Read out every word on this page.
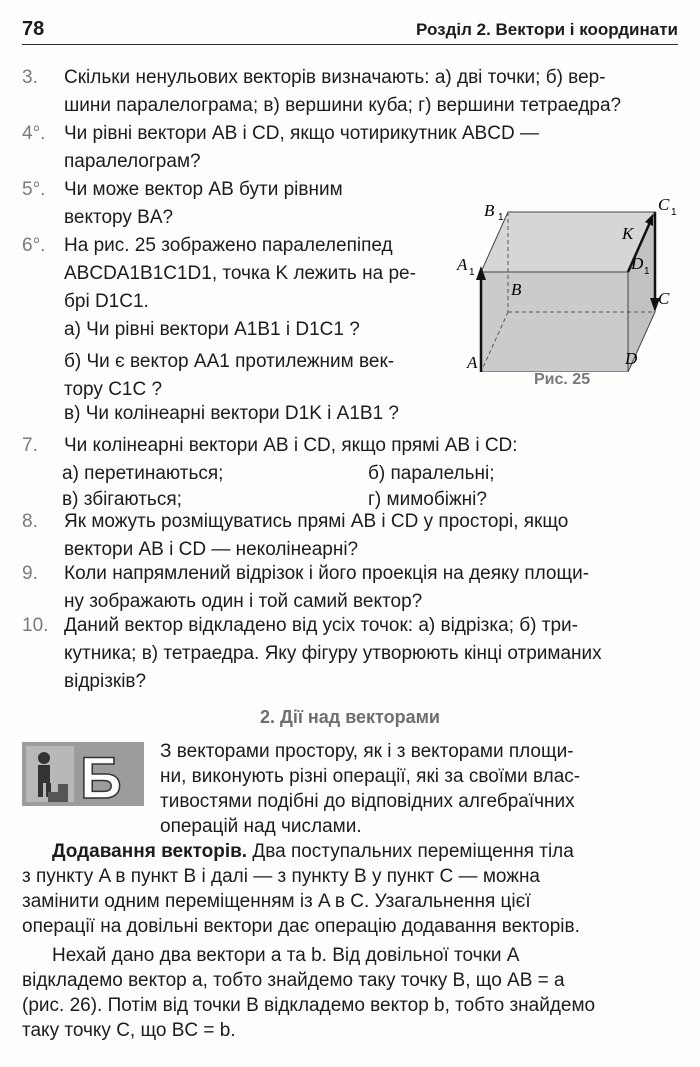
78	Розділ 2. Вектори і координати
3. Скільки ненульових векторів визначають: а) дві точки; б) вер-
шини паралелограма; в) вершини куба; г) вершини тетраедра?
4°. Чи рівні вектори AB і CD, якщо чотирикутник ABCD —
паралелограм?
5°. Чи може вектор AB бути рівним
вектору BA?
6°. На рис. 25 зображено паралелепіпед
ABCDA1B1C1D1, точка K лежить на ре-
брі D1C1.
а) Чи рівні вектори A1B1 і D1C1 ?
б) Чи є вектор AA1 протилежним век-
тору C1C ?
в) Чи колінеарні вектори D1K і A1B1 ?
B 1
C 1
K
A 1	D 1
B	C
A	D
Рис. 25
7. Чи колінеарні вектори AB і CD, якщо прямі AB і CD:
а) перетинаються;	б) паралельні;
в) збігаються;	г) мимобіжні?
8. Як можуть розміщуватись прямі AB і CD у просторі, якщо
вектори AB і CD — неколінеарні?
9. Коли напрямлений відрізок і його проекція на деяку площи-
ну зображають один і той самий вектор?
10. Даний вектор відкладено від усіх точок: а) відрізка; б) три-
кутника; в) тетраедра. Яку фігуру утворюють кінці отриманих
відрізків?
2. Дії над векторами
Б З векторами простору, як і з векторами площи-
ни, виконують різні операції, які за своїми влас-
тивостями подібні до відповідних алгебраїчних
операцій над числами.
Додавання векторів. Два поступальних переміщення тіла
з пункту A в пункт B і далі — з пункту B у пункт C — можна
замінити одним переміщенням із A в C. Узагальнення цієї
операції на довільні вектори дає операцію додавання векторів.
Нехай дано два вектори a та b. Від довільної точки A
відкладемо вектор a, тобто знайдемо таку точку B, що AB = a
(рис. 26). Потім від точки B відкладемо вектор b, тобто знайдемо
таку точку C, що BC = b.
